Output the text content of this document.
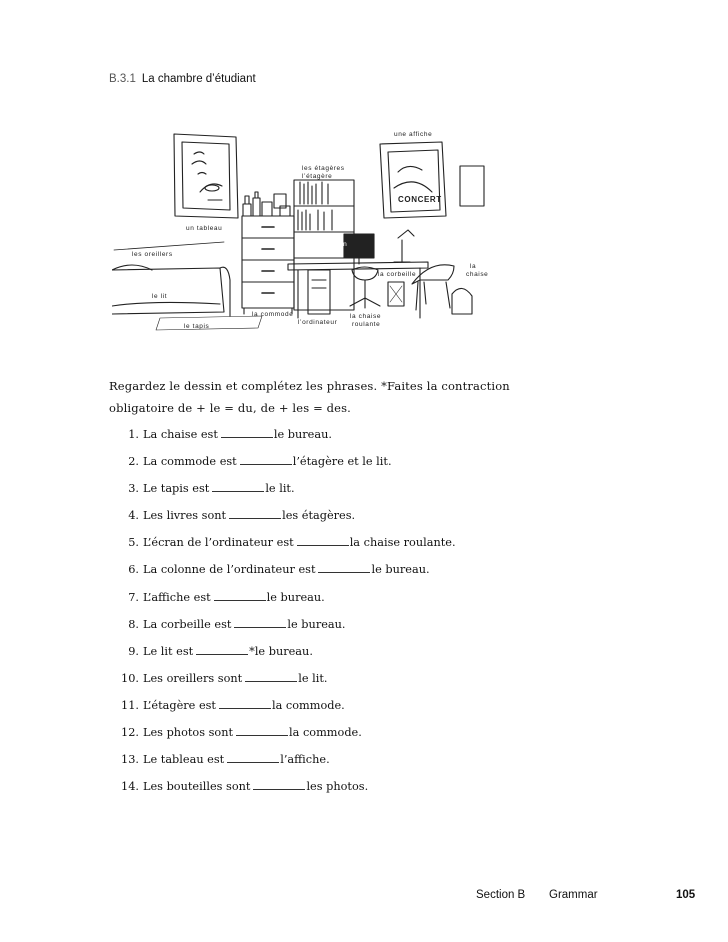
B.3.1 La chambre d’étudiant
une affiche
les étagères
l’étagère
un tableau
l’écran
les oreillers
la
chaise
la corbeille
le lit
la commode
l’ordinateur
la chaise
roulante
le tapis
CONCERT
Regardez le dessin et complétez les phrases. *Faites la contraction
obligatoire de + le = du, de + les = des.
1. La chaise est	le bureau.
2. La commode est	l’étagère et le lit.
3. Le tapis est	le lit.
4. Les livres sont	les étagères.
5. L’écran de l’ordinateur est	la chaise roulante.
6. La colonne de l’ordinateur est	le bureau.
7. L’affiche est	le bureau.
8. La corbeille est	le bureau.
9. Le lit est	*le bureau.
10. Les oreillers sont	le lit.
11. L’étagère est	la commode.
12. Les photos sont	la commode.
13. Le tableau est	l’affiche.
14. Les bouteilles sont	les photos.
Section B Grammar	105
